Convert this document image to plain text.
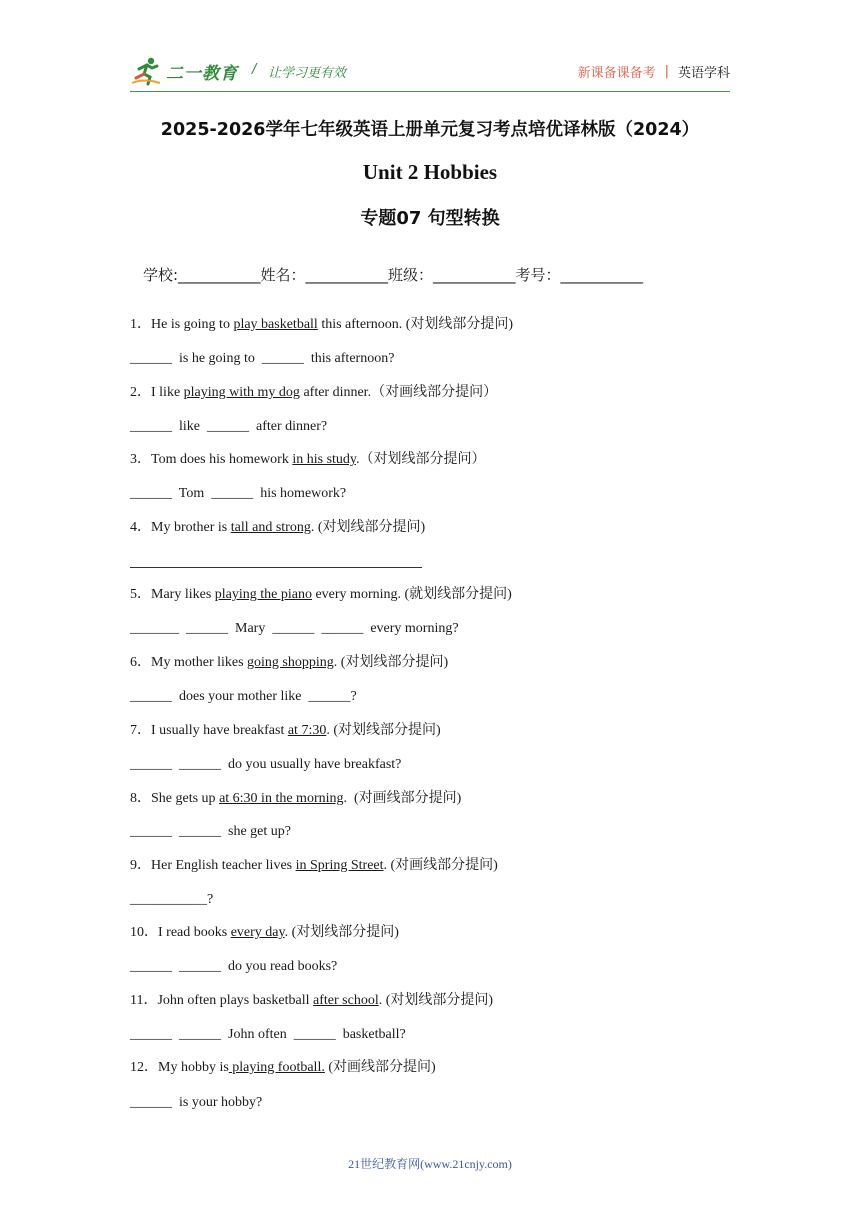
二一教育 / 让学习更有效	新课备课备考 | 英语学科
2025-2026学年七年级英语上册单元复习考点培优译林版（2024）
Unit 2 Hobbies
专题07 句型转换
学校:___________姓名：___________班级：___________考号：___________
1．He is going to play basketball this afternoon. (对划线部分提问)
______  is he going to  ______  this afternoon?
2．I like playing with my dog after dinner.（对画线部分提问）
______  like  ______  after dinner?
3．Tom does his homework in his study.（对划线部分提问）
______  Tom  ______  his homework?
4．My brother is tall and strong. (对划线部分提问)
5．Mary likes playing the piano every morning. (就划线部分提问)
_______  ______  Mary  ______  ______  every morning?
6．My mother likes going shopping. (对划线部分提问)
______  does your mother like  ______?
7．I usually have breakfast at 7:30. (对划线部分提问)
______  ______  do you usually have breakfast?
8．She gets up at 6:30 in the morning.  (对画线部分提问)
______  ______  she get up?
9．Her English teacher lives in Spring Street. (对画线部分提问)
___________?
10．I read books every day. (对划线部分提问)
______  ______  do you read books?
11．John often plays basketball after school. (对划线部分提问)
______  ______  John often  ______  basketball?
12．My hobby is playing football. (对画线部分提问)
______  is your hobby?
21世纪教育网(www.21cnjy.com)
